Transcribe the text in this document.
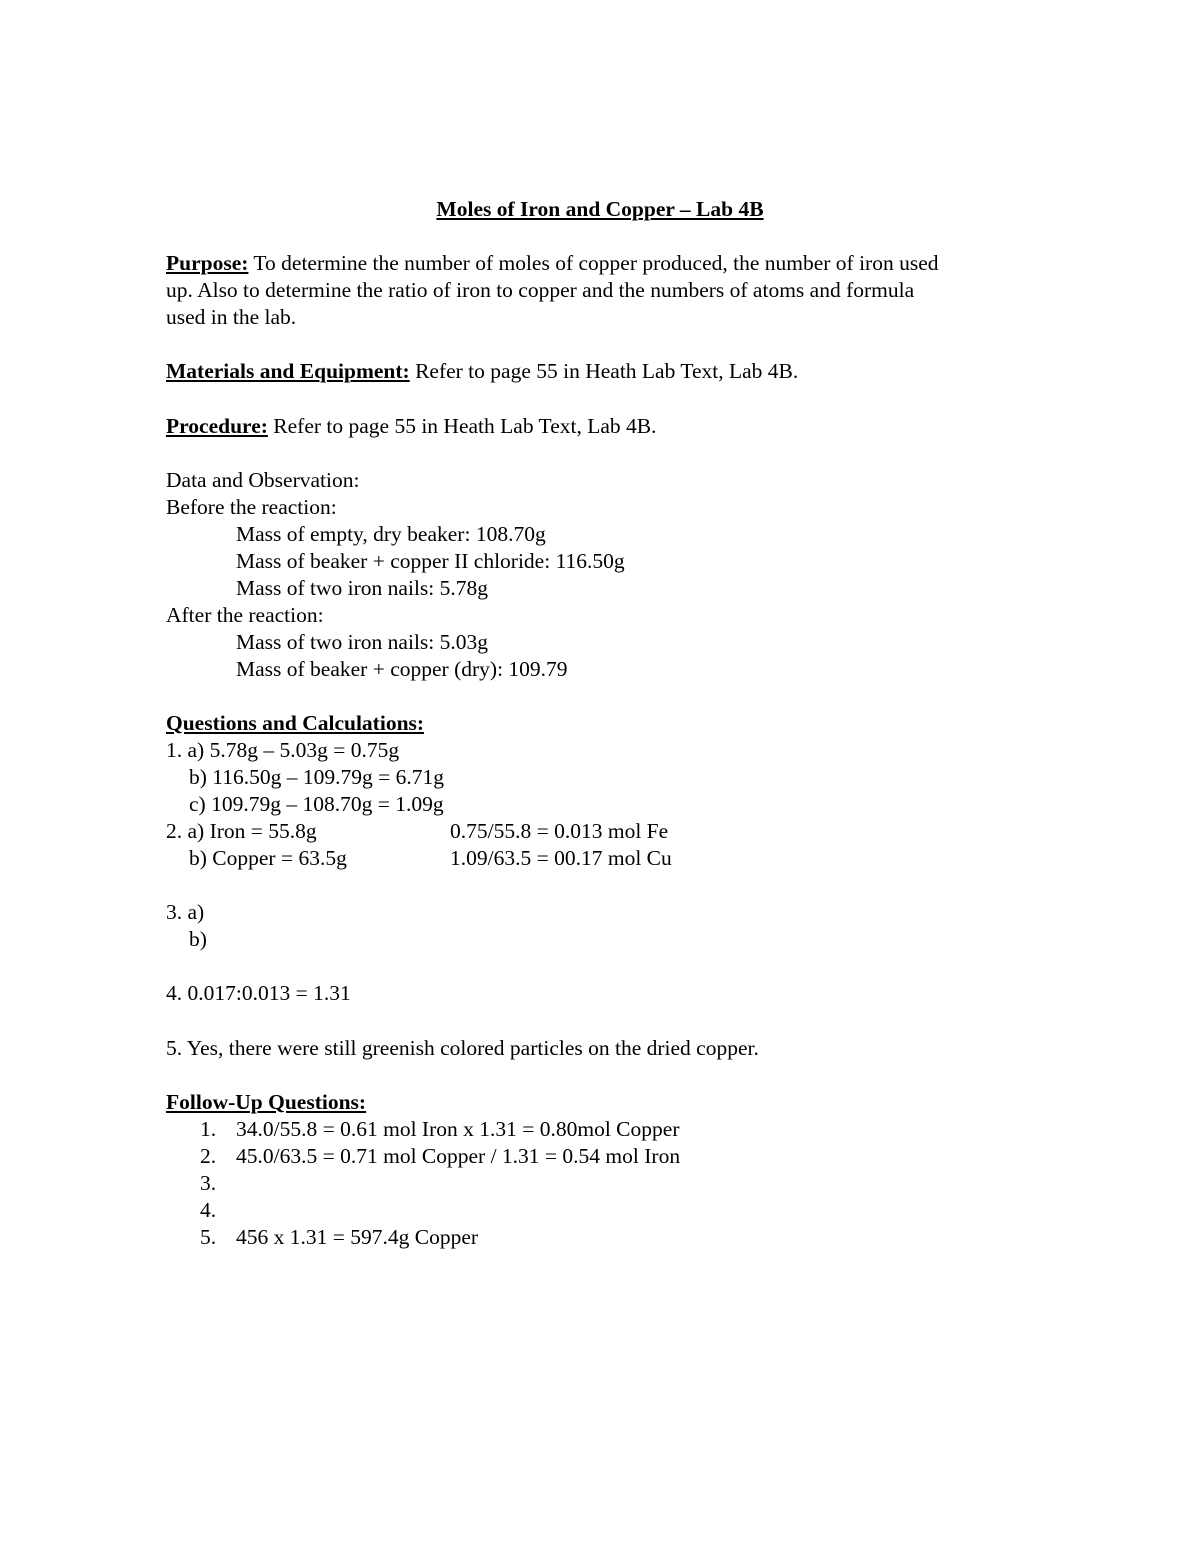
Moles of Iron and Copper – Lab 4B
Purpose: To determine the number of moles of copper produced, the number of iron used
up. Also to determine the ratio of iron to copper and the numbers of atoms and formula
used in the lab.
Materials and Equipment: Refer to page 55 in Heath Lab Text, Lab 4B.
Procedure: Refer to page 55 in Heath Lab Text, Lab 4B.
Data and Observation:
Before the reaction:
Mass of empty, dry beaker: 108.70g
Mass of beaker + copper II chloride: 116.50g
Mass of two iron nails: 5.78g
After the reaction:
Mass of two iron nails: 5.03g
Mass of beaker + copper (dry): 109.79
Questions and Calculations:
1. a) 5.78g – 5.03g = 0.75g
b) 116.50g – 109.79g = 6.71g
c) 109.79g – 108.70g = 1.09g
2. a) Iron = 55.8g	0.75/55.8 = 0.013 mol Fe
b) Copper = 63.5g	1.09/63.5 = 00.17 mol Cu
3. a)
b)
4. 0.017:0.013 = 1.31
5. Yes, there were still greenish colored particles on the dried copper.
Follow-Up Questions:
1. 34.0/55.8 = 0.61 mol Iron x 1.31 = 0.80mol Copper
2. 45.0/63.5 = 0.71 mol Copper / 1.31 = 0.54 mol Iron
3.
4.
5. 456 x 1.31 = 597.4g Copper
